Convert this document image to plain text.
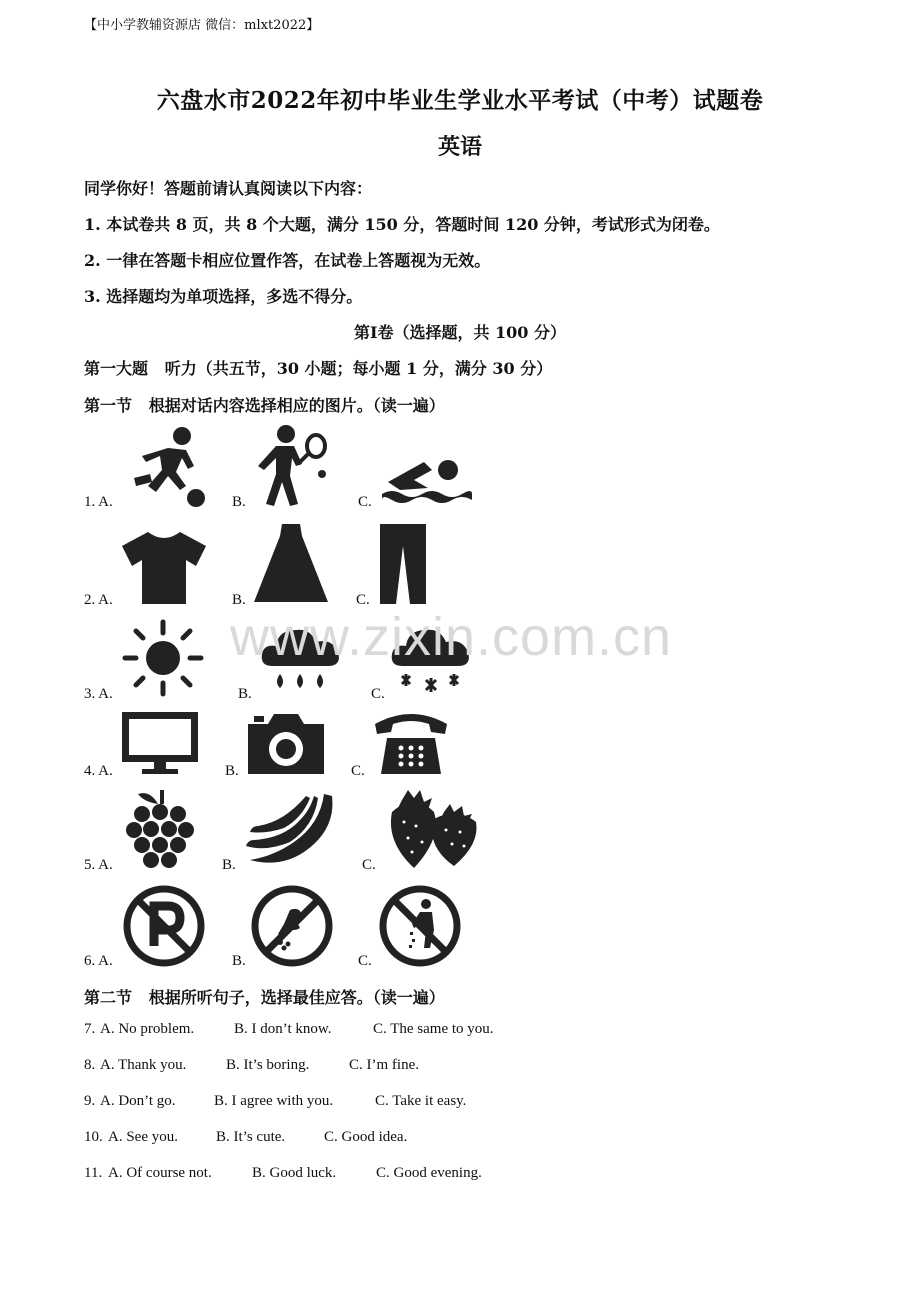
【中小学教辅资源店 微信：mlxt2022】
六盘水市2022年初中毕业生学业水平考试（中考）试题卷
英语
同学你好！答题前请认真阅读以下内容：
1. 本试卷共 8 页，共 8 个大题，满分 150 分，答题时间 120 分钟，考试形式为闭卷。
2. 一律在答题卡相应位置作答，在试卷上答题视为无效。
3. 选择题均为单项选择，多选不得分。
第Ⅰ卷（选择题，共 100 分）
第一大题   听力（共五节，30 小题；每小题 1 分，满分 30 分）
第一节   根据对话内容选择相应的图片。（读一遍）
1. A.	B.	C.
2. A.	B.	C.
3. A.	B.	C.
4. A.	B.	C.
5. A.	B.	C.
6. A.	B.	C.
www.zixin.com.cn
第二节   根据所听句子，选择最佳应答。（读一遍）
7. A. No problem.	B. I don’t know.	C. The same to you.
8. A. Thank you.	B. It’s boring.	C. I’m fine.
9. A. Don’t go.	B. I agree with you.	C. Take it easy.
10. A. See you.	B. It’s cute.	C. Good idea.
11. A. Of course not.	B. Good luck.	C. Good evening.
